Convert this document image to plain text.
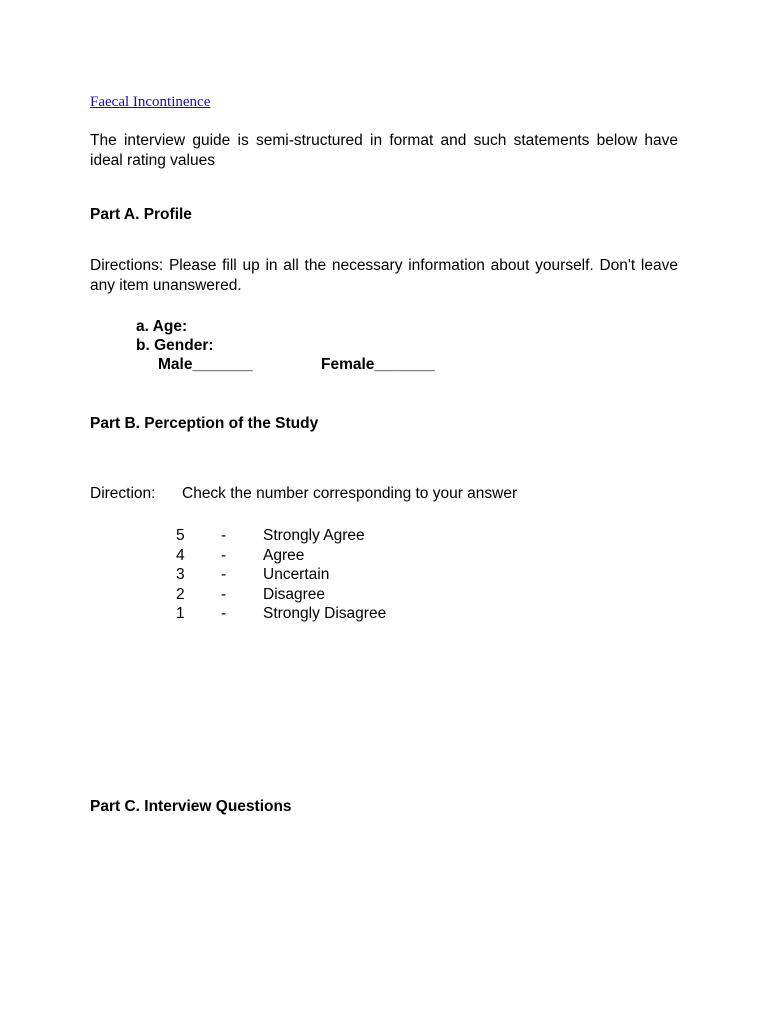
Faecal Incontinence
The interview guide is semi-structured in format and such statements below have ideal rating values
Part A. Profile
Directions: Please fill up in all the necessary information about yourself. Don't leave any item unanswered.
a. Age:
b. Gender:
Male_______	Female_______
Part B. Perception of the Study
Direction: Check the number corresponding to your answer
5 - Strongly Agree
4 - Agree
3 - Uncertain
2 - Disagree
1 - Strongly Disagree
Part C. Interview Questions
